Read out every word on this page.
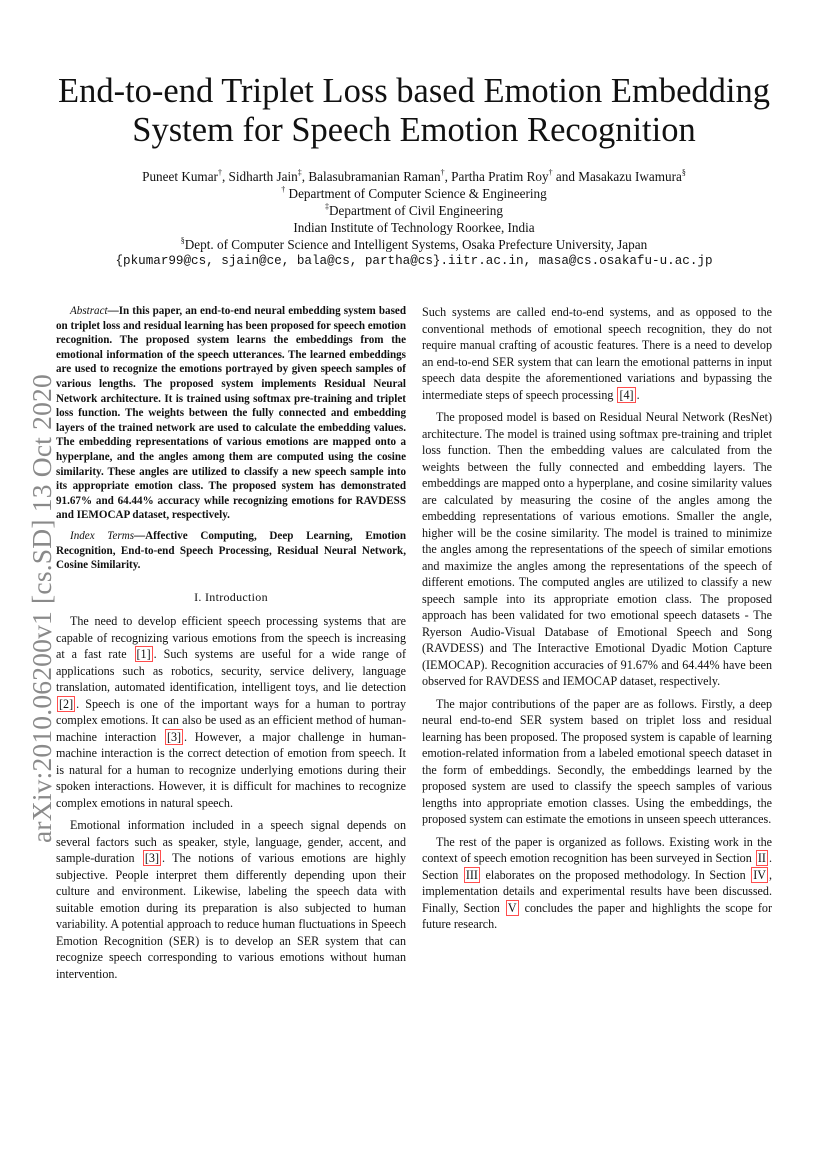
End-to-end Triplet Loss based Emotion Embedding
System for Speech Emotion Recognition
Puneet Kumar†, Sidharth Jain‡, Balasubramanian Raman†, Partha Pratim Roy† and Masakazu Iwamura§
† Department of Computer Science & Engineering
‡Department of Civil Engineering
Indian Institute of Technology Roorkee, India
§Dept. of Computer Science and Intelligent Systems, Osaka Prefecture University, Japan
{pkumar99@cs, sjain@ce, bala@cs, partha@cs}.iitr.ac.in, masa@cs.osakafu-u.ac.jp
arXiv:2010.06200v1 [cs.SD] 13 Oct 2020

Abstract—In this paper, an end-to-end neural embedding system based on triplet loss and residual learning has been proposed for speech emotion recognition. The proposed system learns the embeddings from the emotional information of the speech utterances. The learned embeddings are used to recognize the emotions portrayed by given speech samples of various lengths. The proposed system implements Residual Neural Network architecture. It is trained using softmax pre-training and triplet loss function. The weights between the fully connected and embedding layers of the trained network are used to calculate the embedding values. The embedding representations of various emotions are mapped onto a hyperplane, and the angles among them are computed using the cosine similarity. These angles are utilized to classify a new speech sample into its appropriate emotion class. The proposed system has demonstrated 91.67% and 64.44% accuracy while recognizing emotions for RAVDESS and IEMOCAP dataset, respectively.

Index Terms—Affective Computing, Deep Learning, Emotion Recognition, End-to-end Speech Processing, Residual Neural Network, Cosine Similarity.

I. Introduction

The need to develop efficient speech processing systems that are capable of recognizing various emotions from the speech is increasing at a fast rate [1] . Such systems are useful for a wide range of applications such as robotics, security, service delivery, language translation, automated identification, intelligent toys, and lie detection [2] . Speech is one of the important ways for a human to portray complex emotions. It can also be used as an efficient method of human-machine interaction [3] . However, a major challenge in human-machine interaction is the correct detection of emotion from speech. It is natural for a human to recognize underlying emotions during their spoken interactions. However, it is difficult for machines to recognize complex emotions in natural speech.

Emotional information included in a speech signal depends on several factors such as speaker, style, language, gender, accent, and sample-duration [3] . The notions of various emotions are highly subjective. People interpret them differently depending upon their culture and environment. Likewise, labeling the speech data with suitable emotion during its preparation is also subjected to human variability. A potential approach to reduce human fluctuations in Speech Emotion Recognition (SER) is to develop an SER system that can recognize speech corresponding to various emotions without human intervention.

Such systems are called end-to-end systems, and as opposed to the conventional methods of emotional speech recognition, they do not require manual crafting of acoustic features. There is a need to develop an end-to-end SER system that can learn the emotional patterns in input speech data despite the aforementioned variations and bypassing the intermediate steps of speech processing [4] .

The proposed model is based on Residual Neural Network (ResNet) architecture. The model is trained using softmax pre-training and triplet loss function. Then the embedding values are calculated from the weights between the fully connected and embedding layers. The embeddings are mapped onto a hyperplane, and cosine similarity values are calculated by measuring the cosine of the angles among the embedding representations of various emotions. Smaller the angle, higher will be the cosine similarity. The model is trained to minimize the angles among the representations of the speech of similar emotions and maximize the angles among the representations of the speech of different emotions. The computed angles are utilized to classify a new speech sample into its appropriate emotion class. The proposed approach has been validated for two emotional speech datasets - The Ryerson Audio-Visual Database of Emotional Speech and Song (RAVDESS) and The Interactive Emotional Dyadic Motion Capture (IEMOCAP). Recognition accuracies of 91.67% and 64.44% have been observed for RAVDESS and IEMOCAP dataset, respectively.

The major contributions of the paper are as follows. Firstly, a deep neural end-to-end SER system based on triplet loss and residual learning has been proposed. The proposed system is capable of learning emotion-related information from a labeled emotional speech dataset in the form of embeddings. Secondly, the embeddings learned by the proposed system are used to classify the speech samples of various lengths into appropriate emotion classes. Using the embeddings, the proposed system can estimate the emotions in unseen speech utterances.

The rest of the paper is organized as follows. Existing work in the context of speech emotion recognition has been surveyed in Section II . Section III elaborates on the proposed methodology. In Section IV , implementation details and experimental results have been discussed. Finally, Section V concludes the paper and highlights the scope for future research.
